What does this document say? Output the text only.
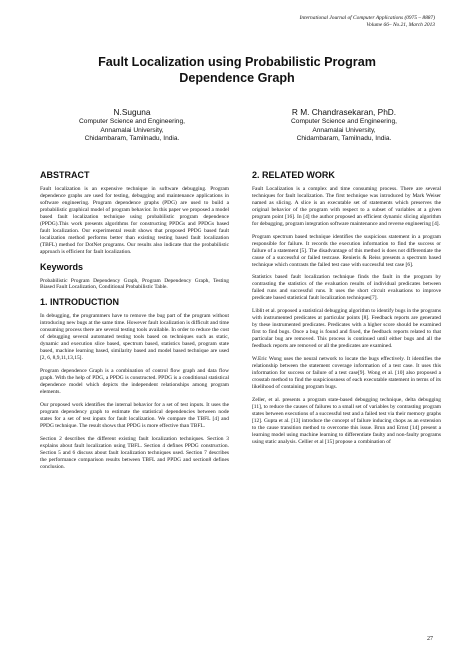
International Journal of Computer Applications (0975 – 8887)
Volume 66– No.21, March 2013
Fault Localization using Probabilistic Program Dependence Graph
N.Suguna
Computer Science and Engineering,
Annamalai University,
Chidambaram, Tamilnadu, India.
R M. Chandrasekaran, PhD.
Computer Science and Engineering,
Annamalai University,
Chidambaram, Tamilnadu, India.
ABSTRACT

Fault localization is an expensive technique in software debugging. Program dependence graphs are used for testing, debugging and maintenance applications in software engineering. Program dependence graphs (PDG) are used to build a probabilistic graphical model of program behavior. In this paper we proposed a model based fault localization technique using probabilistic program dependence (PPDG).This work presents algorithms for constructing PPDGs and PPDGs based fault localization. Our experimental result shows that proposed PPDG based fault localization method performs better than existing testing based fault localization (TBFL) method for DotNet programs. Our results also indicate that the probabilistic approach is efficient for fault localization.

Keywords

Probabilistic Program Dependency Graph, Program Dependency Graph, Testing Biased Fault Localization, Conditional Probabilistic Table.

1. INTRODUCTION

In debugging, the programmers have to remove the bug part of the program without introducing new bugs at the same time. However fault localization is difficult and time consuming process there are several testing tools available. In order to reduce the cost of debugging several automated testing tools based on techniques such as static, dynamic and execution slice based, spectrum based, statistics based, program state based, machine learning based, similarity based and model based technique are used [2, 6, 8,9,11,13,15].

Program dependence Graph is a combination of control flow graph and data flow graph. With the help of PDG, a PPDG is constructed. PPDG is a conditional statistical dependence model which depicts the independent relationships among program elements.

Our proposed work identifies the internal behavior for a set of test inputs. It uses the program dependency graph to estimate the statistical dependencies between node states for a set of test inputs for fault localization. We compare the TBFL [4] and PPDG technique. The result shows that PPDG is more effective than TBFL.

Section 2 describes the different existing fault localization techniques. Section 3 explains about fault localization using TBFL. Section 4 defines PPDG construction. Section 5 and 6 discuss about fault localization techniques used. Section 7 describes the performance comparison results between TBFL and PPDG and section8 defines conclusion.

2. RELATED WORK

Fault Localization is a complex and time consuming process. There are several techniques for fault localization. The first technique was introduced by Mark Weiser named as slicing. A slice is an executable set of statements which preserves the original behavior of the program with respect to a subset of variables at a given program point [16]. In [4] the author proposed an efficient dynamic slicing algorithm for debugging, program integration software maintenance and reverse engineering [4].

Program spectrum based technique identifies the suspicious statement in a program responsible for failure. It records the execution information to find the success or failure of a statement [5]. The disadvantage of this method is does not differentiate the cause of a successful or failed testcase. Renieris & Reiss presents a spectrum based technique which contrasts the failed test case with successful test case [6].

Statistics based fault localization technique finds the fault in the program by contrasting the statistics of the evaluation results of individual predicates between failed runs and successful runs. It uses the short circuit evaluations to improve predicate based statistical fault localization techniques[7].

Liblit et al. proposed a statistical debugging algorithm to identify bugs in the programs with instrumented predicates at particular points [8]. Feedback reports are generated by these instrumented predicates. Predicates with a higher score should be examined first to find bugs. Once a bug is found and fixed, the feedback reports related to that particular bug are removed. This process is continued until either bugs and all the feedback reports are removed or all the predicates are examined.

W.Eric Wong uses the neural network to locate the bugs effectively. It identifies the relationship between the statement coverage information of a test case. It uses this information for success or failure of a test case[9]. Wong et al. [10] also proposed a crosstab method to find the suspiciousness of each executable statement in terms of its likelihood of containing program bugs.

Zeller, et al. presents a program state-based debugging technique, delta debugging [11], to reduce the causes of failures to a small set of variables by contrasting program states between executions of a successful test and a failed test via their memory graphs [12]. Gupta et al. [13] introduce the concept of failure inducing chops as an extension to the cause transition method to overcome this issue. Brun and Ernst [14] present a learning model using machine learning to differentiate faulty and non-faulty programs using static analysis. Cellier et al [15] propose a combination of

27
